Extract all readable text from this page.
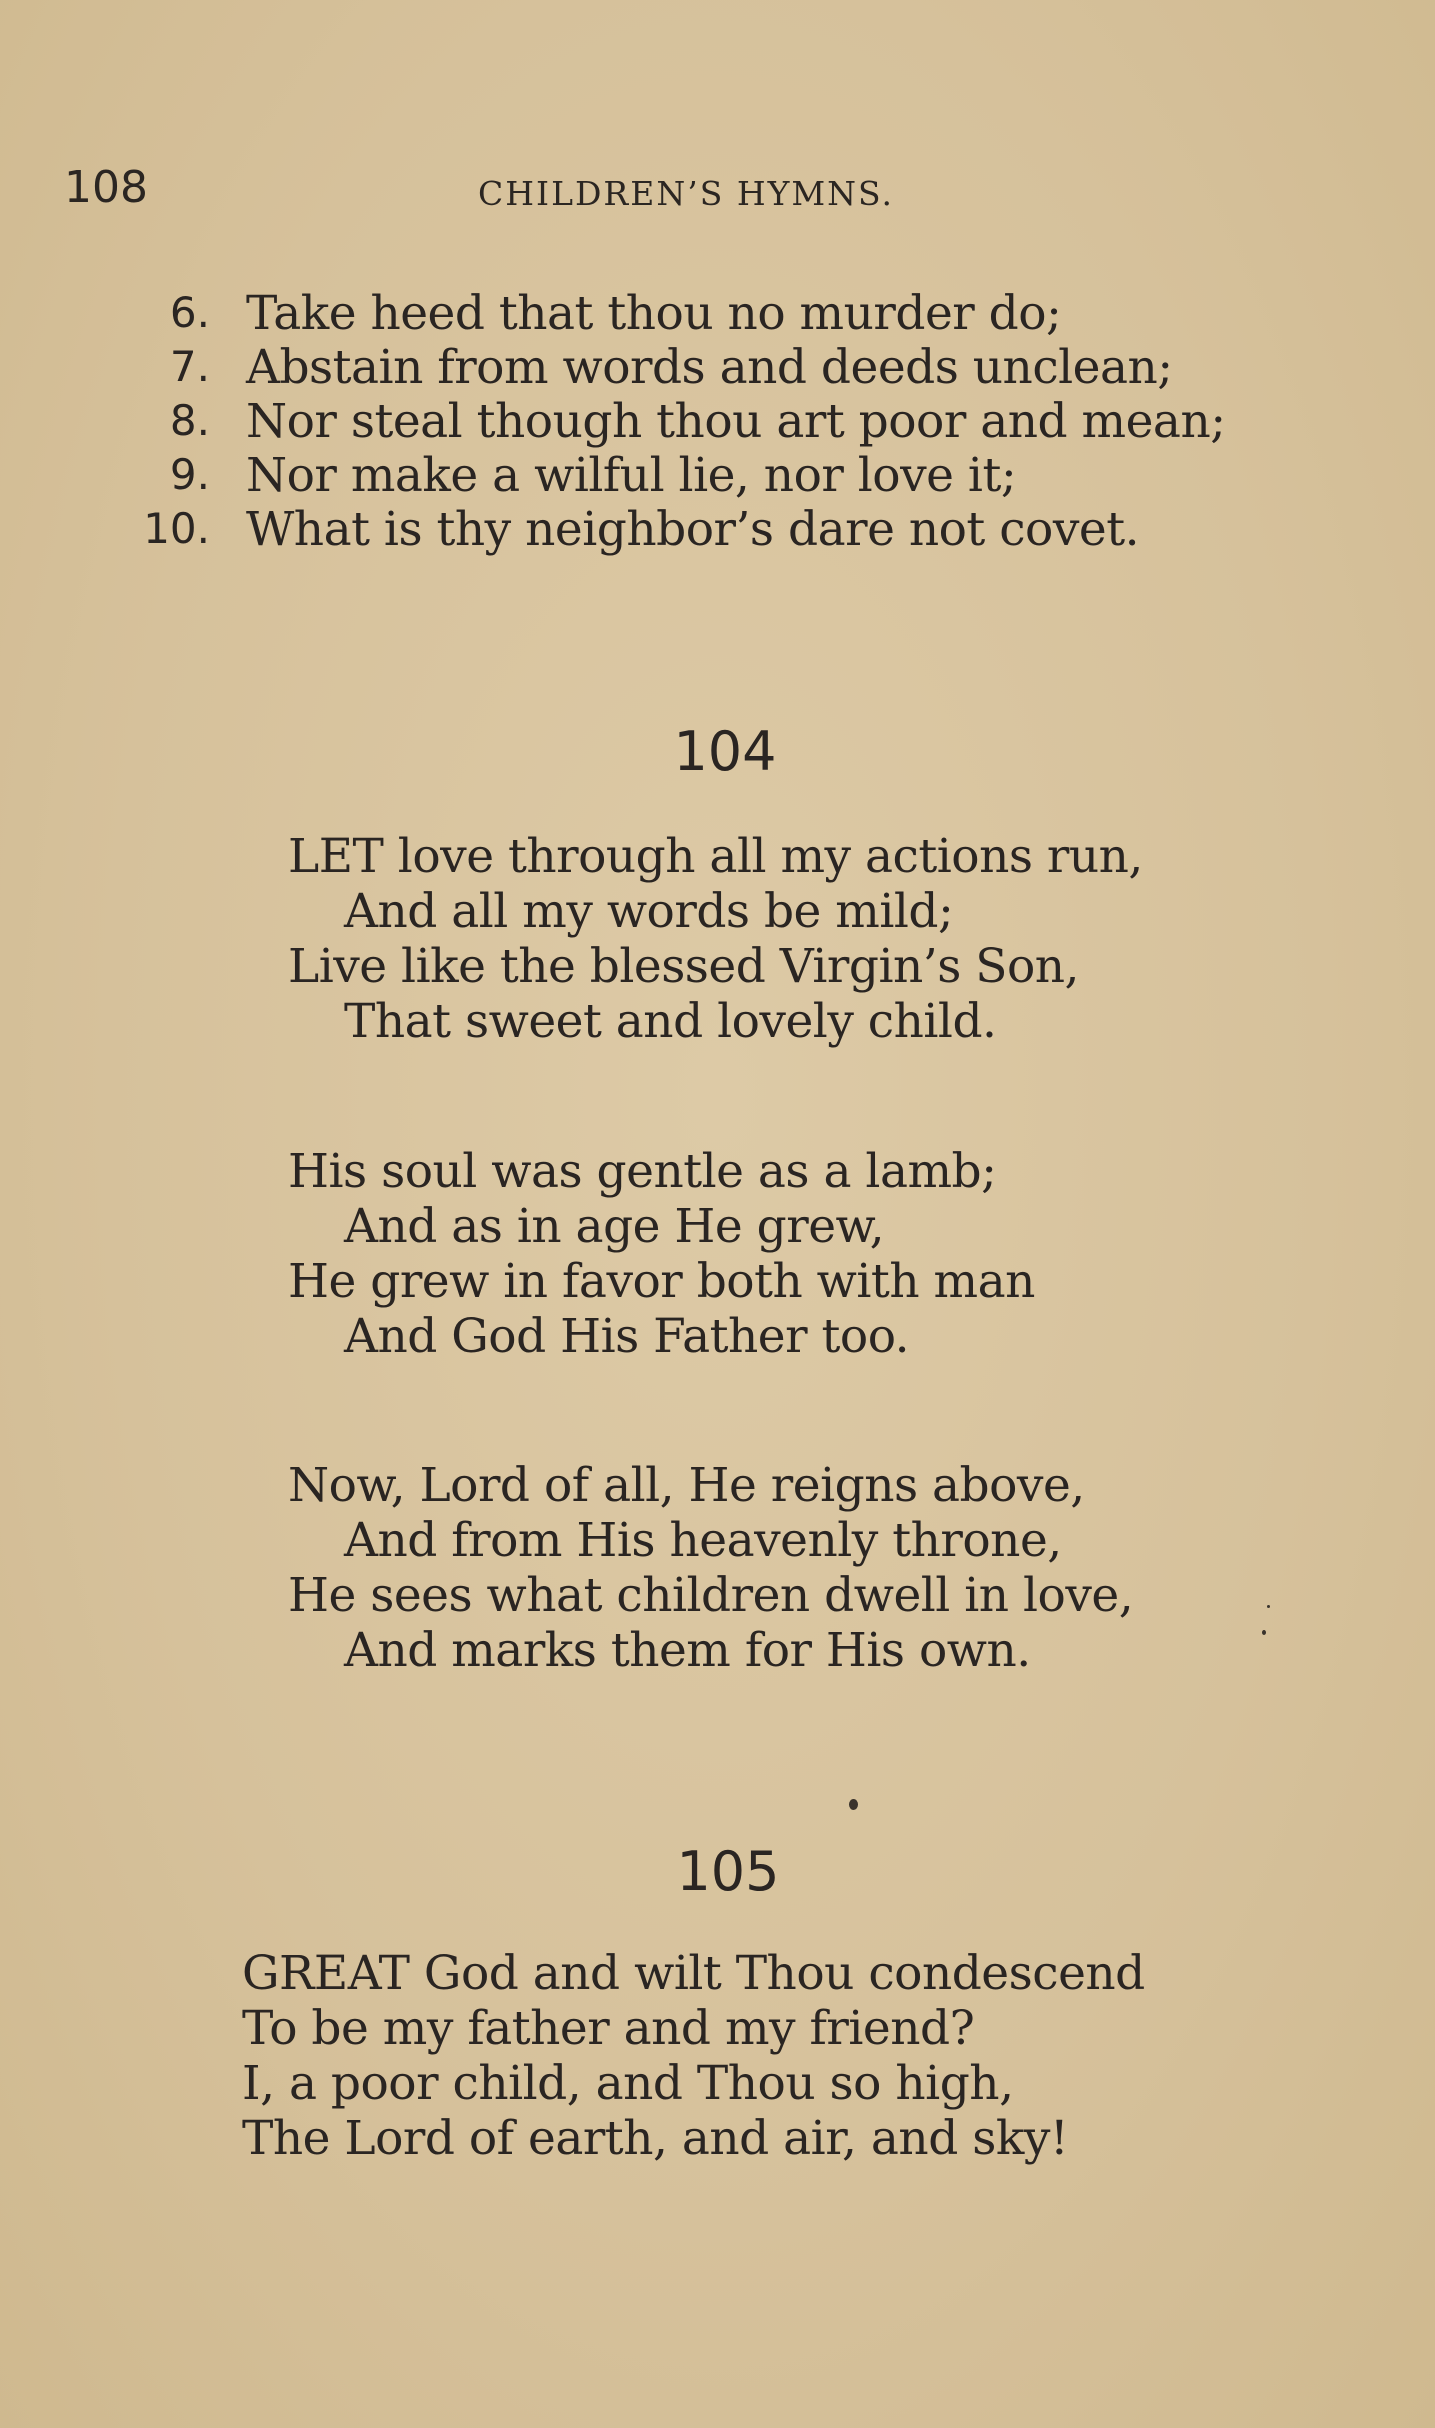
108	CHILDREN’S HYMNS.
6. Take heed that thou no murder do;
7. Abstain from words and deeds unclean;
8. Nor steal though thou art poor and mean;
9. Nor make a wilful lie, nor love it;
10. What is thy neighbor’s dare not covet.
104
LET love through all my actions run,
And all my words be mild;
Live like the blessed Virgin’s Son,
That sweet and lovely child.
His soul was gentle as a lamb;
And as in age He grew,
He grew in favor both with man
And God His Father too.
Now, Lord of all, He reigns above,
And from His heavenly throne,
He sees what children dwell in love,
And marks them for His own.
105
GREAT God and wilt Thou condescend
To be my father and my friend?
I, a poor child, and Thou so high,
The Lord of earth, and air, and sky!
